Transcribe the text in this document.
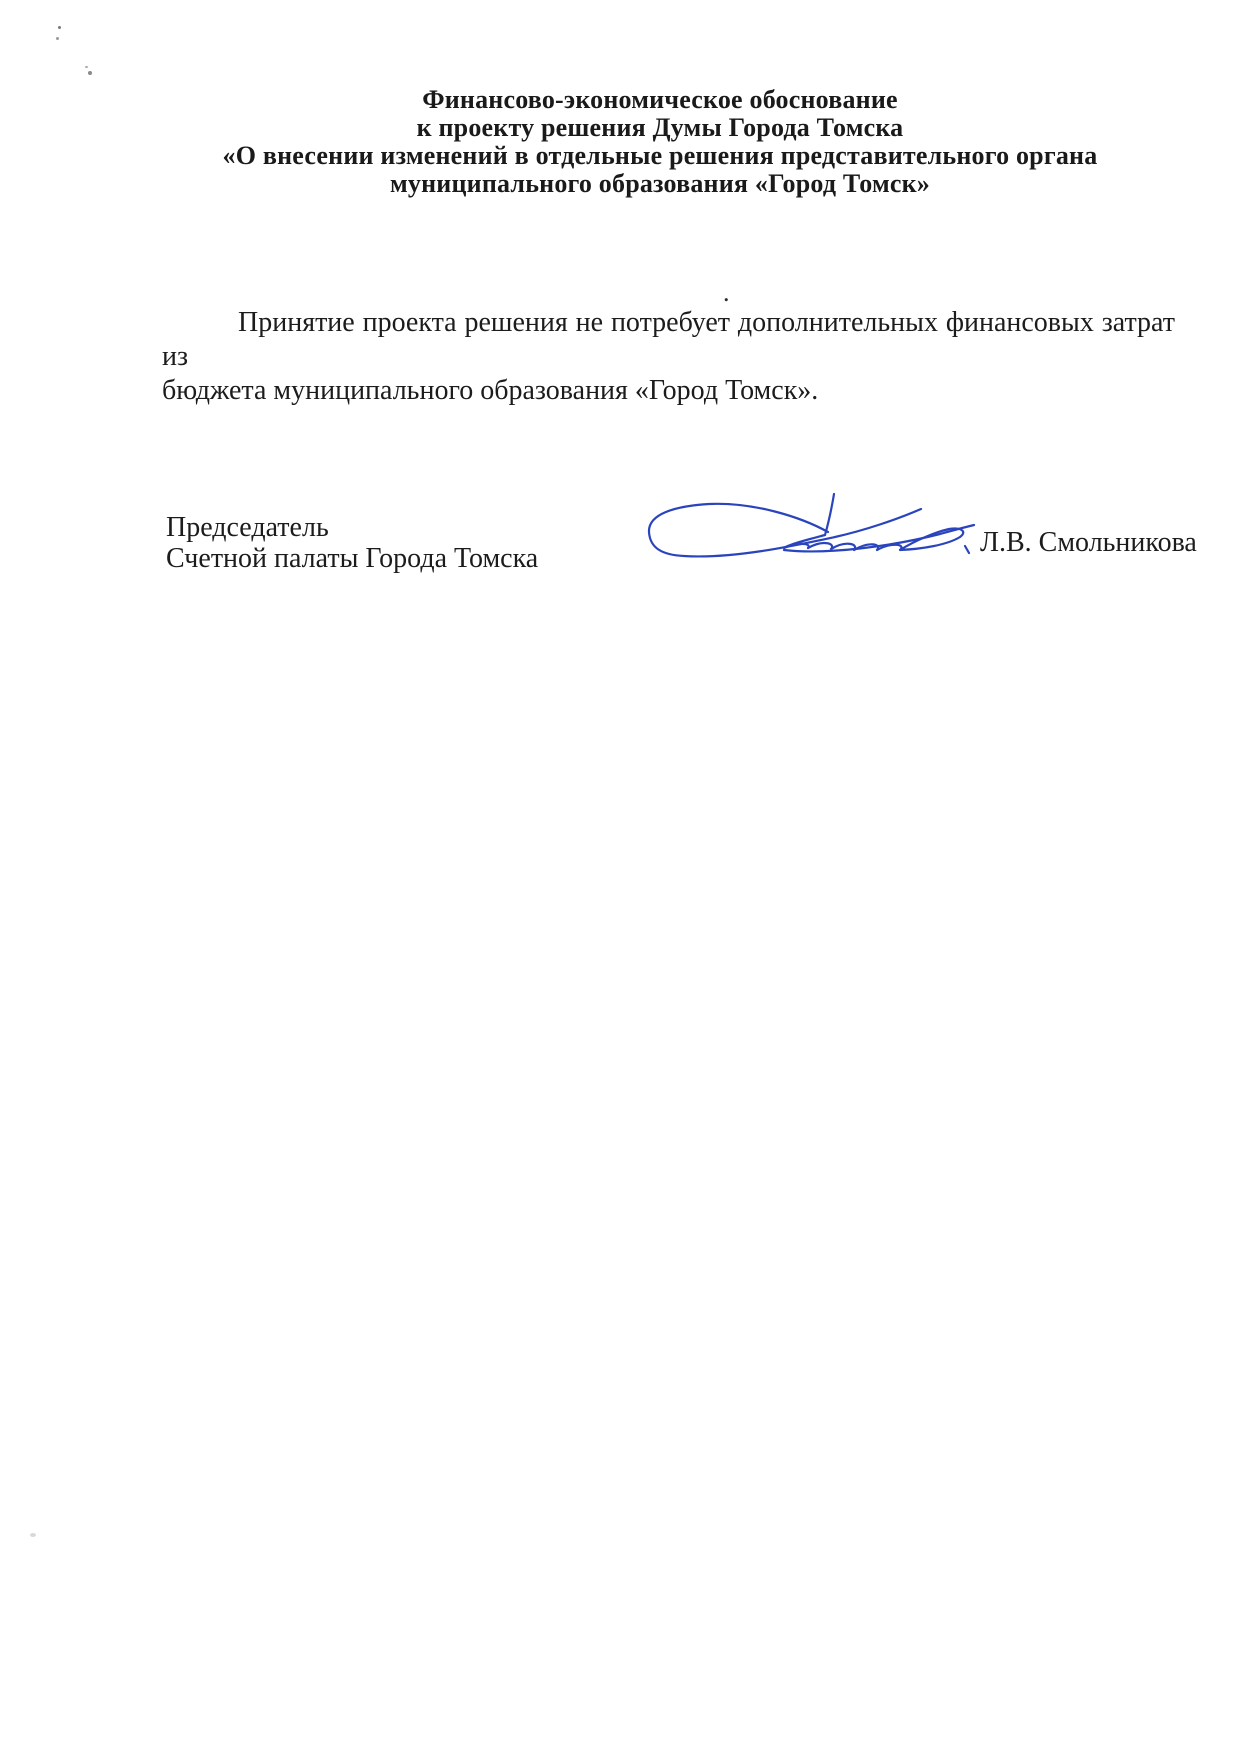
Финансово-экономическое обоснование
к проекту решения Думы Города Томска
«О внесении изменений в отдельные решения представительного органа
муниципального образования «Город Томск»
.
Принятие проекта решения не потребует дополнительных финансовых затрат из
бюджета муниципального образования «Город Томск».
Председатель
Счетной палаты Города Томска
Л.В. Смольникова
